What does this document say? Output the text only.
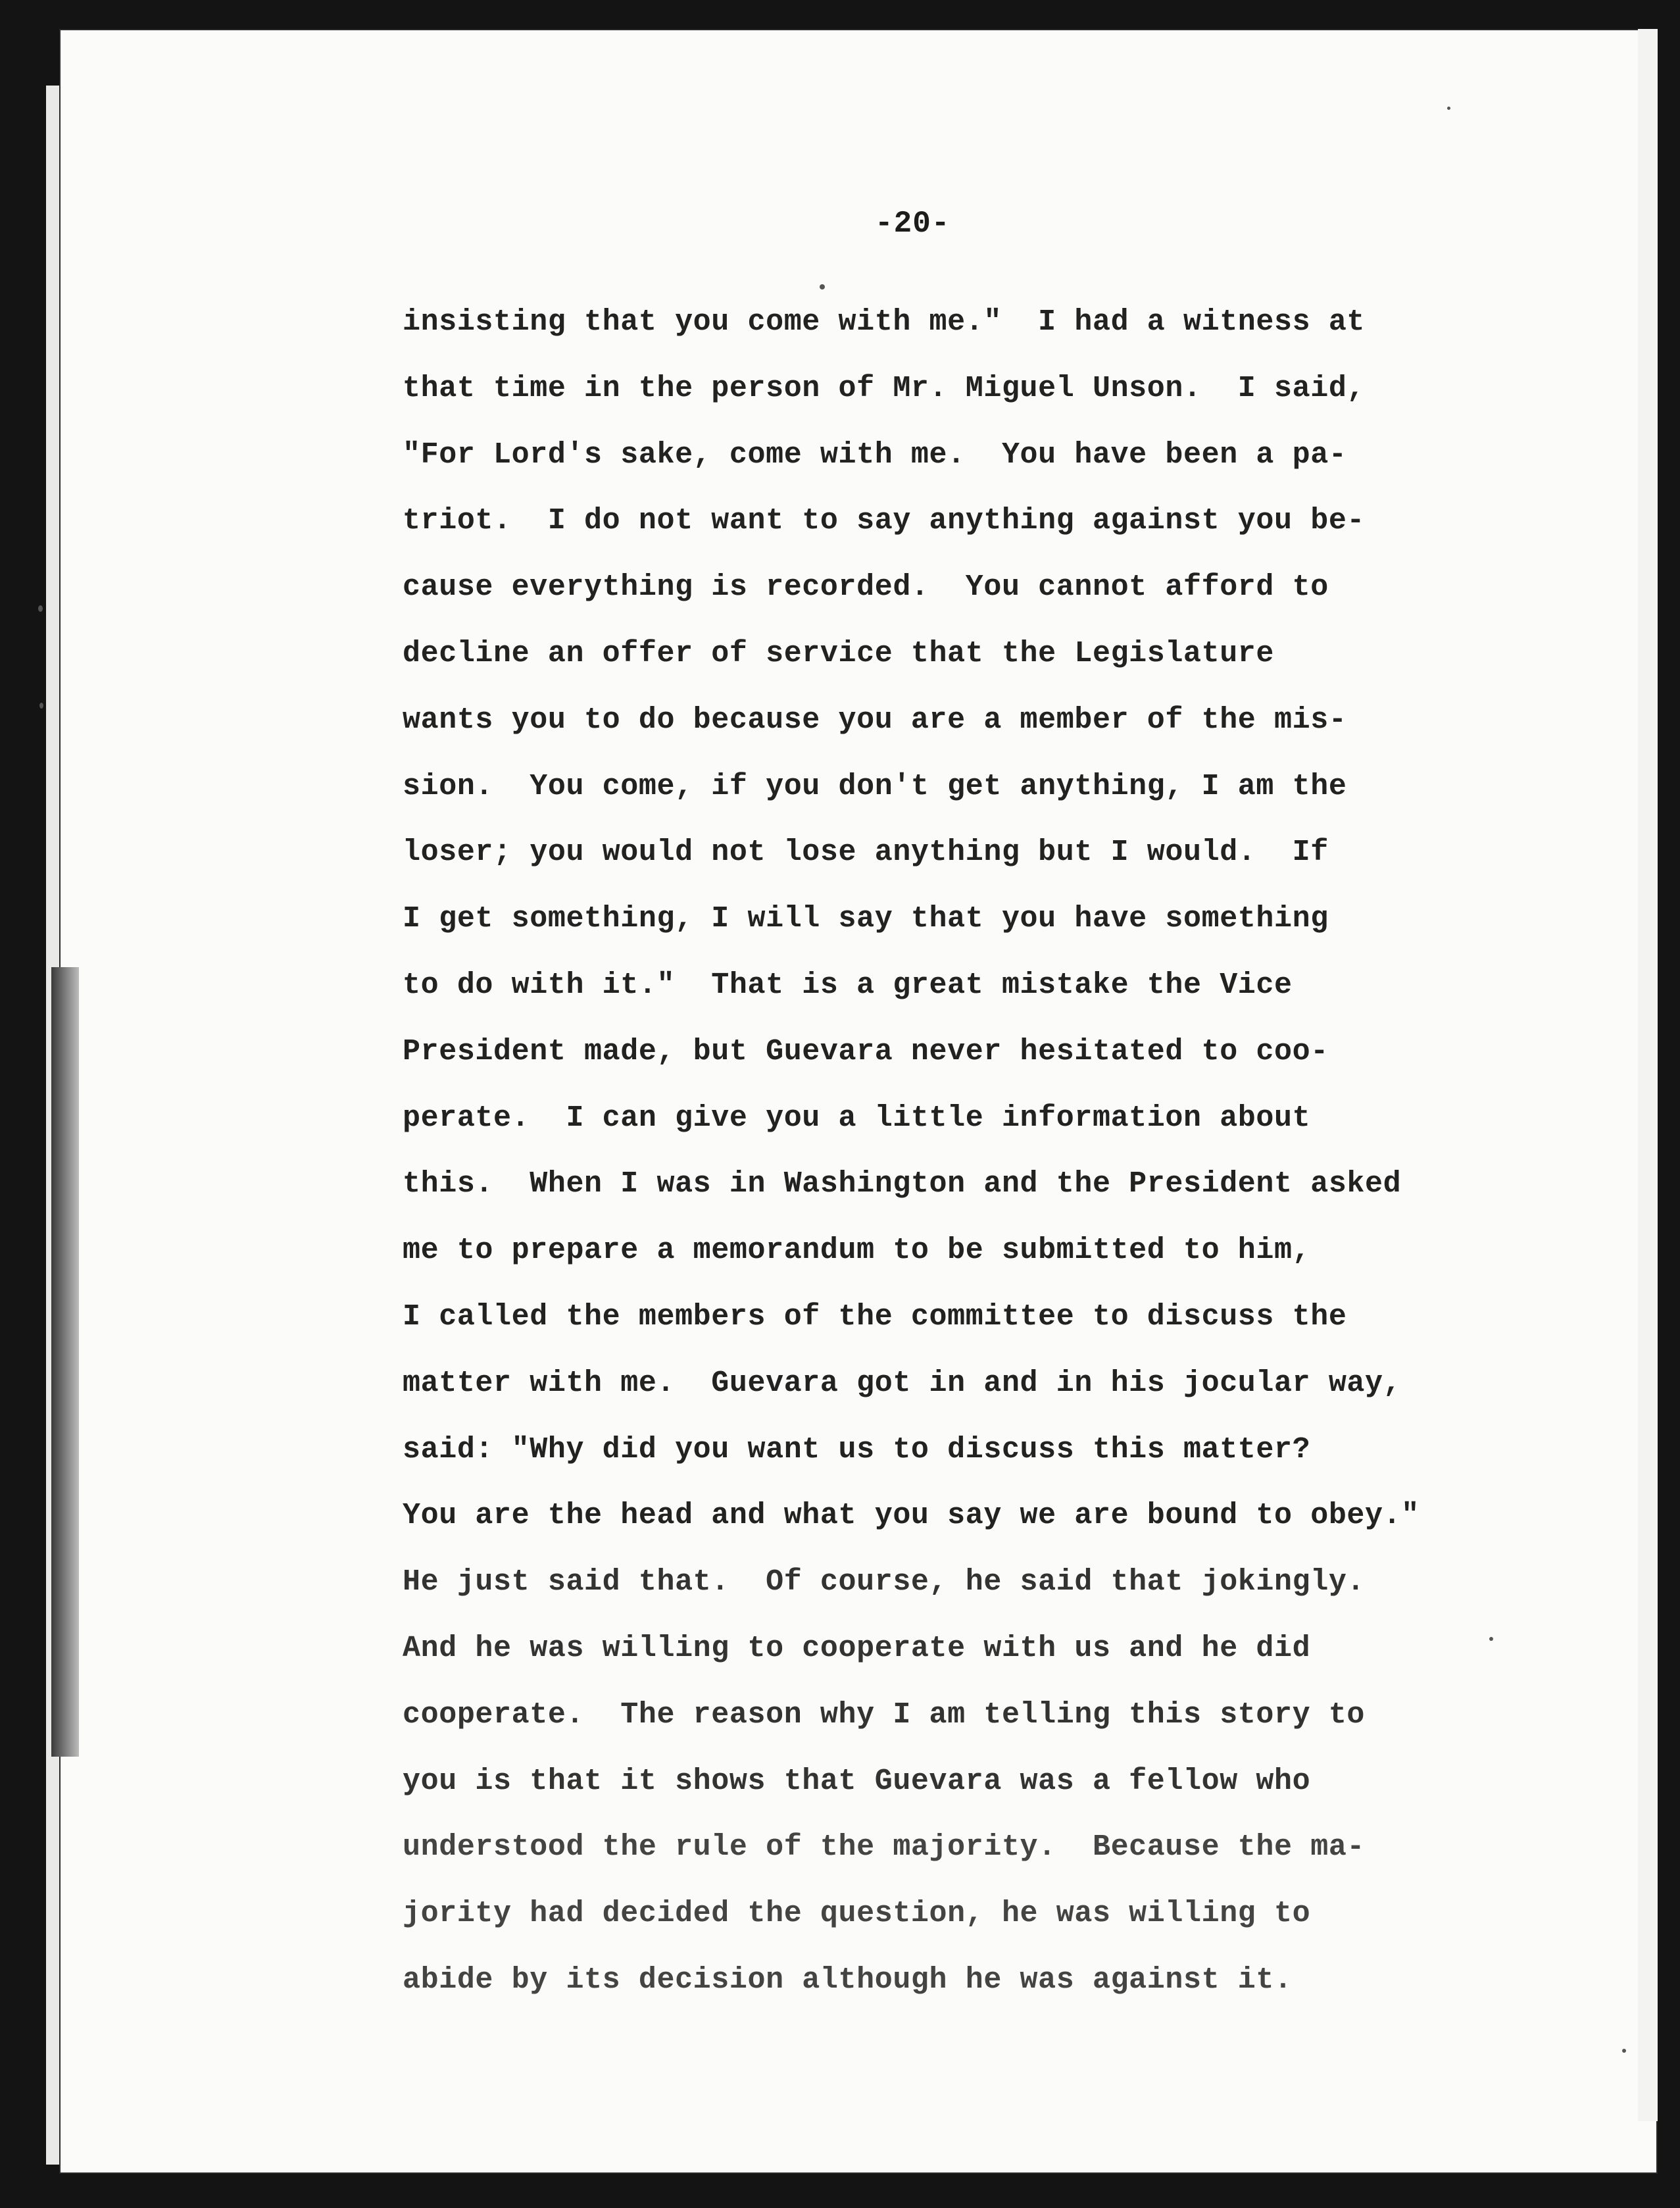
-20-
insisting that you come with me."  I had a witness at
that time in the person of Mr. Miguel Unson.  I said,
"For Lord's sake, come with me.  You have been a pa-
triot.  I do not want to say anything against you be-
cause everything is recorded.  You cannot afford to
decline an offer of service that the Legislature
wants you to do because you are a member of the mis-
sion.  You come, if you don't get anything, I am the
loser; you would not lose anything but I would.  If
I get something, I will say that you have something
to do with it."  That is a great mistake the Vice
President made, but Guevara never hesitated to coo-
perate.  I can give you a little information about
this.  When I was in Washington and the President asked
me to prepare a memorandum to be submitted to him,
I called the members of the committee to discuss the
matter with me.  Guevara got in and in his jocular way,
said: "Why did you want us to discuss this matter?
You are the head and what you say we are bound to obey."
He just said that.  Of course, he said that jokingly.
And he was willing to cooperate with us and he did
cooperate.  The reason why I am telling this story to
you is that it shows that Guevara was a fellow who
understood the rule of the majority.  Because the ma-
jority had decided the question, he was willing to
abide by its decision although he was against it.
